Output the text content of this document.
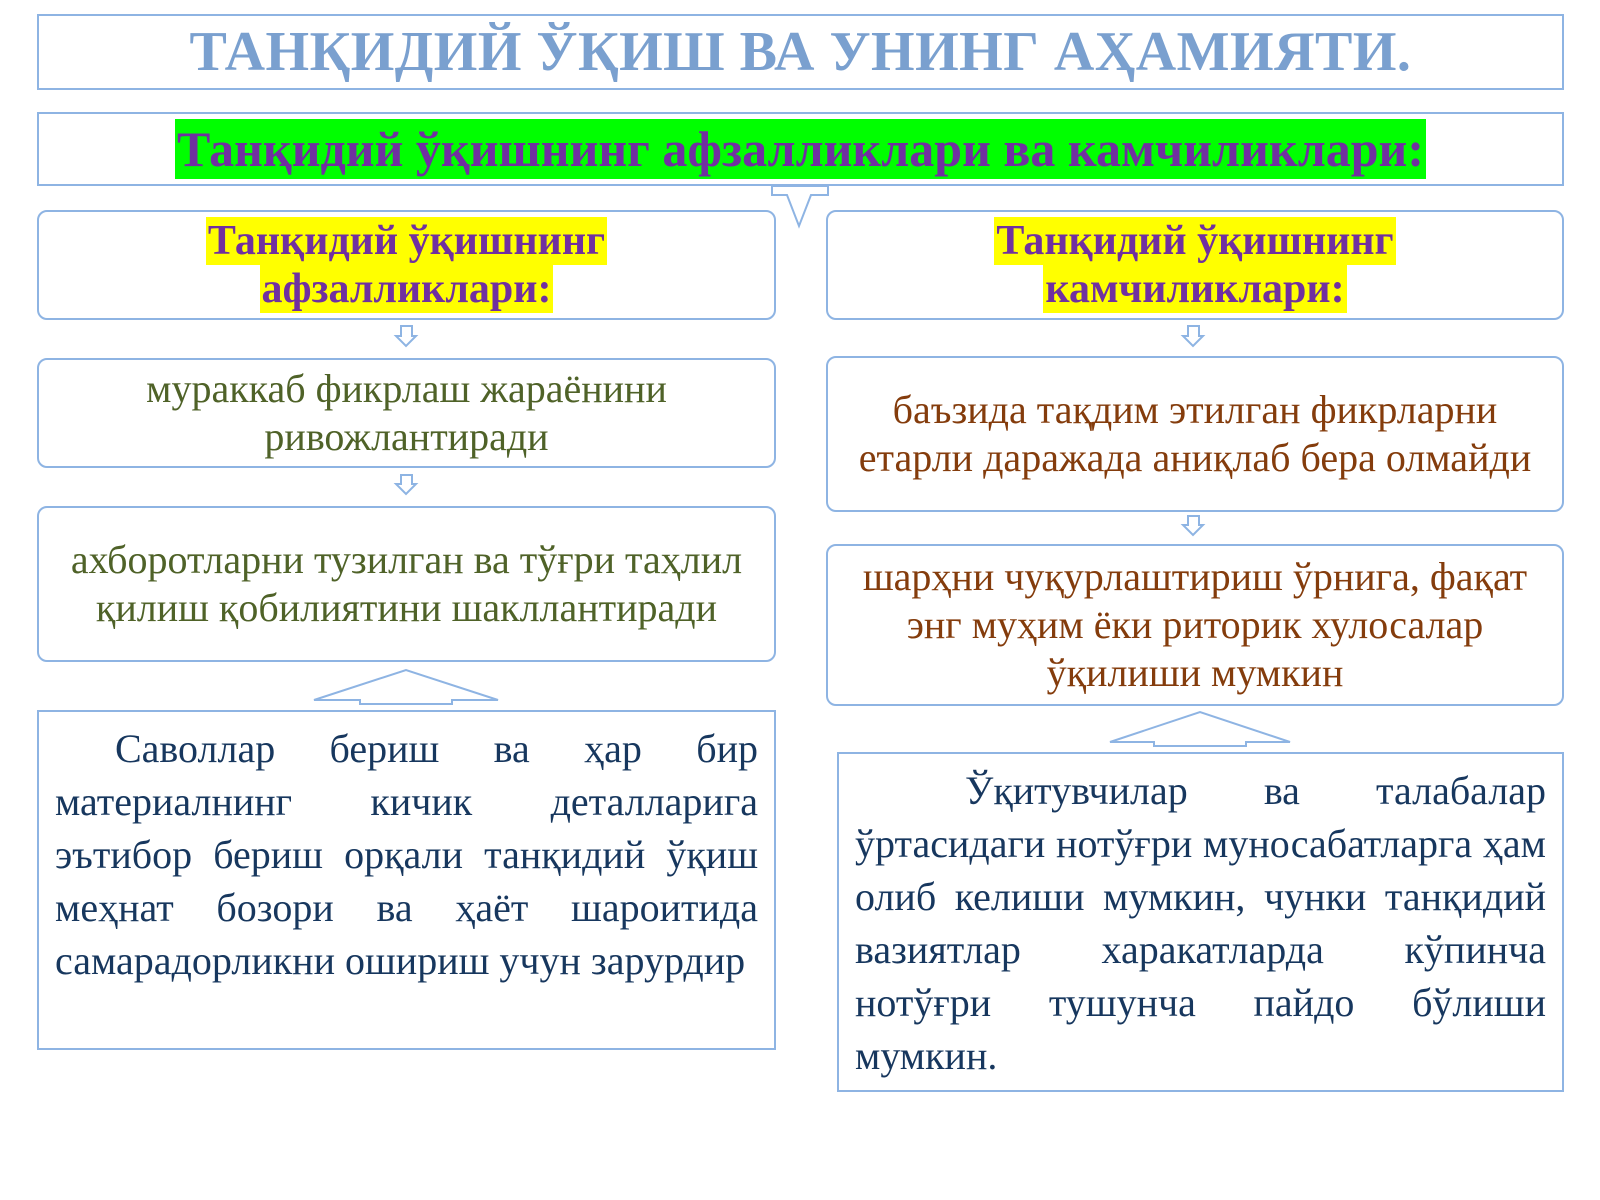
ТАНҚИДИЙ ЎҚИШ ВА УНИНГ АҲАМИЯТИ.
Танқидий ўқишнинг афзалликлари ва камчиликлари:
Танқидий ўқишнинг
афзалликлари:
Танқидий ўқишнинг
камчиликлари:
мураккаб фикрлаш жараёнини ривожлантиради
ахборотларни тузилган ва тўғри таҳлил қилиш қобилиятини шакллантиради
баъзида тақдим этилган фикрларни етарли даражада аниқлаб бера олмайди
шарҳни чуқурлаштириш ўрнига, фақат энг муҳим ёки риторик хулосалар ўқилиши мумкин
Саволлар бериш ва ҳар бир материалнинг кичик деталларига эътибор бериш орқали танқидий ўқиш меҳнат бозори ва ҳаёт шароитида самарадорликни ошириш учун зарурдир
Ўқитувчилар ва талабалар ўртасидаги нотўғри муносабатларга ҳам олиб келиши мумкин, чунки танқидий вазиятлар харакатларда кўпинча нотўғри тушунча пайдо бўлиши мумкин.
